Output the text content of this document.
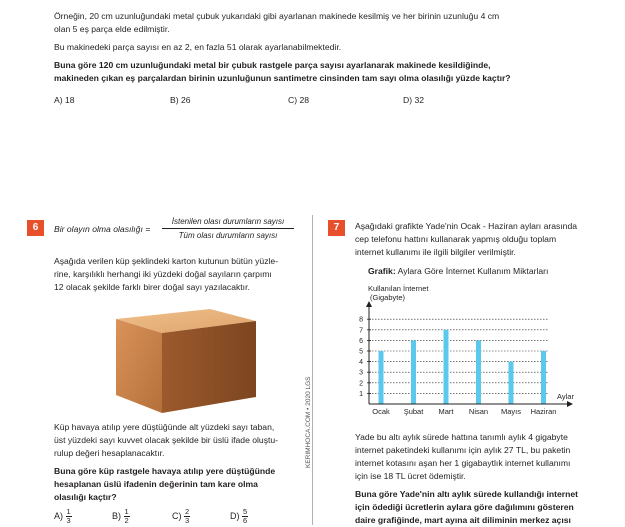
Örneğin, 20 cm uzunluğundaki metal çubuk yukarıdaki gibi ayarlanan makinede kesilmiş ve her birinin uzunluğu 4 cm
olan 5 eş parça elde edilmiştir.
Bu makinedeki parça sayısı en az 2, en fazla 51 olarak ayarlanabilmektedir.
Buna göre 120 cm uzunluğundaki metal bir çubuk rastgele parça sayısı ayarlanarak makinede kesildiğinde,
makineden çıkan eş parçalardan birinin uzunluğunun santimetre cinsinden tam sayı olma olasılığı yüzde kaçtır?
A) 18	B) 26	C) 28	D) 32
6	Bir olayın olma olasılığı =
İstenilen olası durumların sayısı
Tüm olası durumların sayısı
Aşağıda verilen küp şeklindeki karton kutunun bütün yüzle-
rine, karşılıklı herhangi iki yüzdeki doğal sayıların çarpımı
12 olacak şekilde farklı birer doğal sayı yazılacaktır.
Küp havaya atılıp yere düştüğünde alt yüzdeki sayı taban,
üst yüzdeki sayı kuvvet olacak şekilde bir üslü ifade oluştu-
rulup değeri hesaplanacaktır.
Buna göre küp rastgele havaya atılıp yere düştüğünde
hesaplanan üslü ifadenin değerinin tam kare olma
olasılığı kaçtır?
$A) \frac{1}{3}$	$B) \frac{1}{2}$	$C) \frac{2}{3}$	$D) \frac{5}{6}$
KERIMHOCA.COM • 2020 LGS
7	Aşağıdaki grafikte Yade'nin Ocak - Haziran ayları arasında
cep telefonu hattını kullanarak yapmış olduğu toplam
internet kullanımı ile ilgili bilgiler verilmiştir.
Grafik: Aylara Göre İnternet Kullanım Miktarları
Kullanılan İnternet
(Gigabyte)
Aylar
1
2
3
4
5
6
7
8
Ocak Şubat Mart Nisan Mayıs Haziran
Yade bu altı aylık sürede hattına tanımlı aylık 4 gigabyte
internet paketindeki kullanımı için aylık 27 TL, bu paketin
internet kotasını aşan her 1 gigabaytlık internet kullanımı
için ise 18 TL ücret ödemiştir.
Buna göre Yade'nin altı aylık sürede kullandığı internet
için ödediği ücretlerin aylara göre dağılımını gösteren
daire grafiğinde, mart ayına ait diliminin merkez açısı
